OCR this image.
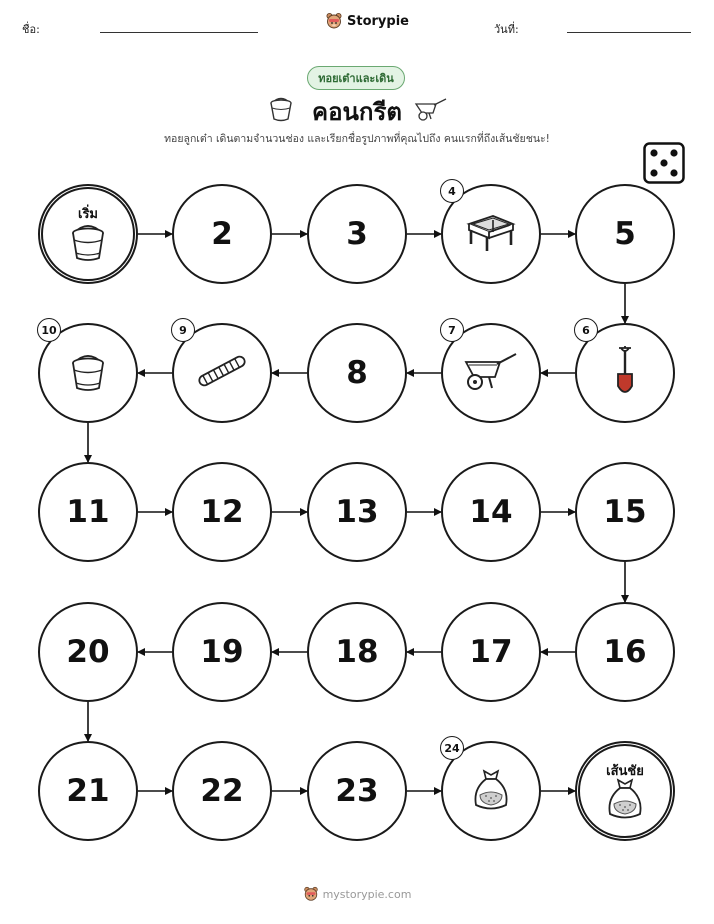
ชื่อ:
Storypie
วันที่:
ทอยเต๋าและเดิน
คอนกรีต
ทอยลูกเต๋า เดินตามจำนวนช่อง และเรียกชื่อรูปภาพที่คุณไปถึง คนแรกที่ถึงเส้นชัยชนะ!
เริ่ม
2	3
4
5
6
7
8
9
10
11	12	13	14	15
16
17
18
19
20
21	22	23
24
เส้นชัย
mystorypie.com
